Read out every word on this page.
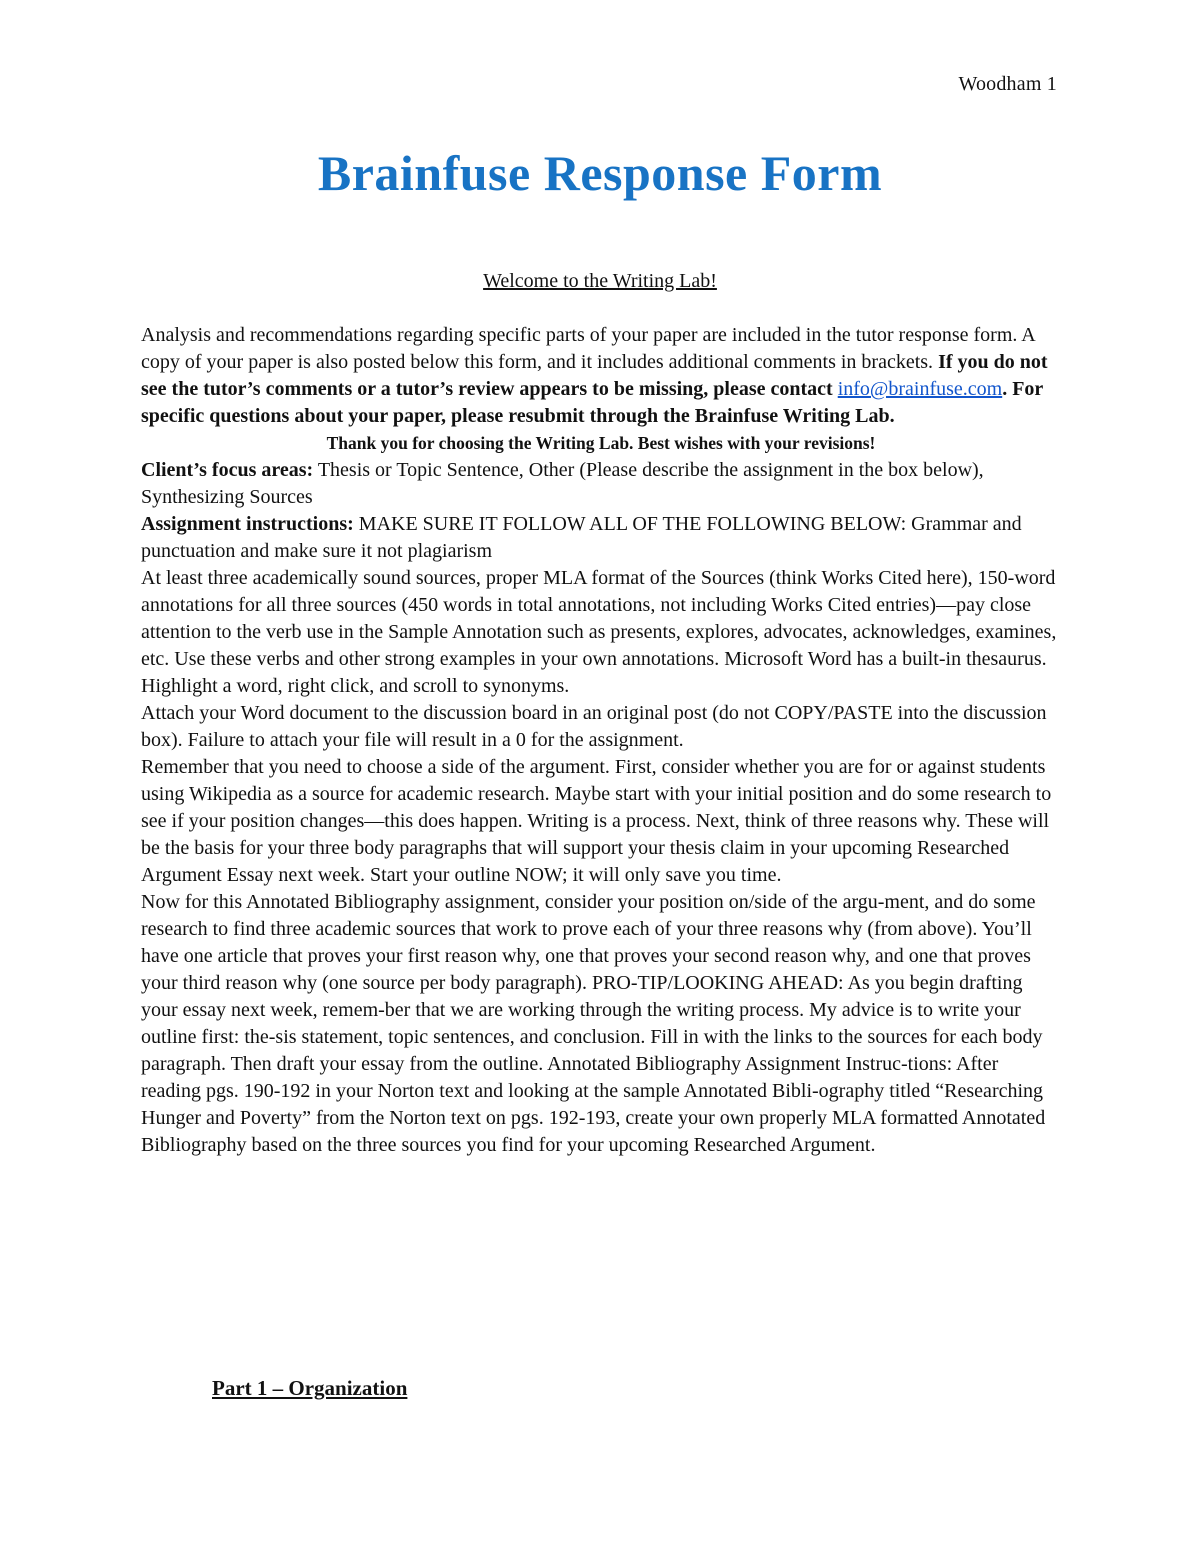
Woodham 1
Brainfuse Response Form
Welcome to the Writing Lab!

Analysis and recommendations regarding specific parts of your paper are included in the tutor response form. A copy of your paper is also posted below this form, and it includes additional comments in brackets. If you do not see the tutor’s comments or a tutor’s review appears to be missing, please contact info@brainfuse.com. For specific questions about your paper, please resubmit through the Brainfuse Writing Lab.

Thank you for choosing the Writing Lab. Best wishes with your revisions!

Client’s focus areas: Thesis or Topic Sentence, Other (Please describe the assignment in the box below), Synthesizing Sources

Assignment instructions: MAKE SURE IT FOLLOW ALL OF THE FOLLOWING BELOW: Grammar and punctuation and make sure it not plagiarism

At least three academically sound sources, proper MLA format of the Sources (think Works Cited here), 150-word annotations for all three sources (450 words in total annotations, not including Works Cited entries)—pay close attention to the verb use in the Sample Annotation such as presents, explores, advocates, acknowledges, examines, etc. Use these verbs and other strong examples in your own annotations. Microsoft Word has a built-in thesaurus. Highlight a word, right click, and scroll to synonyms.

Attach your Word document to the discussion board in an original post (do not COPY/PASTE into the discussion box). Failure to attach your file will result in a 0 for the assignment.

Remember that you need to choose a side of the argument. First, consider whether you are for or against students using Wikipedia as a source for academic research. Maybe start with your initial position and do some research to see if your position changes—this does happen. Writing is a process. Next, think of three reasons why. These will be the basis for your three body paragraphs that will support your thesis claim in your upcoming Researched Argument Essay next week. Start your outline NOW; it will only save you time.

Now for this Annotated Bibliography assignment, consider your position on/side of the argu-ment, and do some research to find three academic sources that work to prove each of your three reasons why (from above). You’ll have one article that proves your first reason why, one that proves your second reason why, and one that proves your third reason why (one source per body paragraph). PRO-TIP/LOOKING AHEAD: As you begin drafting your essay next week, remem-ber that we are working through the writing process. My advice is to write your outline first: the-sis statement, topic sentences, and conclusion. Fill in with the links to the sources for each body paragraph. Then draft your essay from the outline. Annotated Bibliography Assignment Instruc-tions: After reading pgs. 190-192 in your Norton text and looking at the sample Annotated Bibli-ography titled “Researching Hunger and Poverty” from the Norton text on pgs. 192-193, create your own properly MLA formatted Annotated Bibliography based on the three sources you find for your upcoming Researched Argument.

Part 1 – Organization
